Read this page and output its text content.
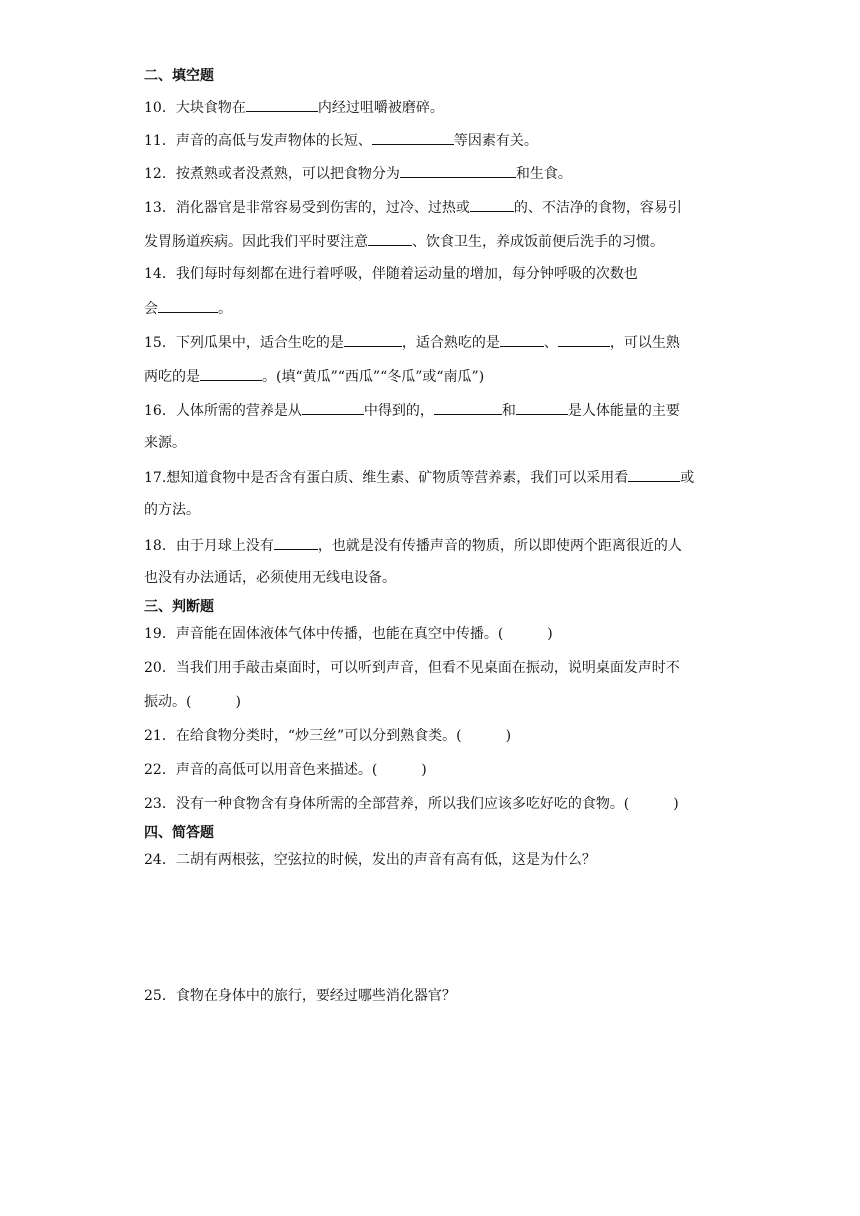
二、填空题
10．大块食物在	内经过咀嚼被磨碎。
11．声音的高低与发声物体的长短、	等因素有关。
12．按煮熟或者没煮熟，可以把食物分为	和生食。
13．消化器官是非常容易受到伤害的，过冷、过热或	的、不洁净的食物，容易引
发胃肠道疾病。因此我们平时要注意	、饮食卫生，养成饭前便后洗手的习惯。
14．我们每时每刻都在进行着呼吸，伴随着运动量的增加，每分钟呼吸的次数也
会	。
15．下列瓜果中，适合生吃的是	，适合熟吃的是	、	，可以生熟
两吃的是	。(填“黄瓜”“西瓜”“冬瓜”或“南瓜”)
16．人体所需的营养是从	中得到的，	和	是人体能量的主要
来源。
17.想知道食物中是否含有蛋白质、维生素、矿物质等营养素，我们可以采用看	或
的方法。
18．由于月球上没有	，也就是没有传播声音的物质，所以即使两个距离很近的人
也没有办法通话，必须使用无线电设备。
三、判断题
19．声音能在固体液体气体中传播，也能在真空中传播。(	)
20．当我们用手敲击桌面时，可以听到声音，但看不见桌面在振动，说明桌面发声时不
振动。(	)
21．在给食物分类时，“炒三丝”可以分到熟食类。(	)
22．声音的高低可以用音色来描述。(	)
23．没有一种食物含有身体所需的全部营养，所以我们应该多吃好吃的食物。(	)
四、简答题
24．二胡有两根弦，空弦拉的时候，发出的声音有高有低，这是为什么？
25．食物在身体中的旅行，要经过哪些消化器官？
